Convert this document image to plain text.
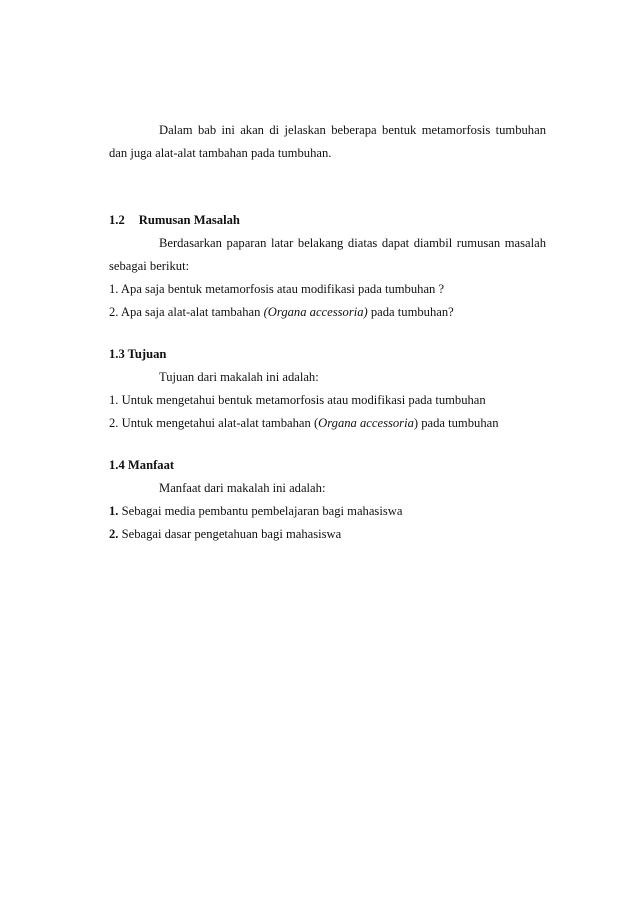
Dalam bab ini akan di jelaskan beberapa bentuk metamorfosis tumbuhan
dan juga alat-alat tambahan pada tumbuhan.
1.2 Rumusan Masalah
Berdasarkan paparan latar belakang diatas dapat diambil rumusan masalah
sebagai berikut:
1. Apa saja bentuk metamorfosis atau modifikasi pada tumbuhan ?
2. Apa saja alat-alat tambahan (Organa accessoria) pada tumbuhan?
1.3 Tujuan
Tujuan dari makalah ini adalah:
1. Untuk mengetahui bentuk metamorfosis atau modifikasi pada tumbuhan
2. Untuk mengetahui alat-alat tambahan (Organa accessoria) pada tumbuhan
1.4 Manfaat
Manfaat dari makalah ini adalah:
1. Sebagai media pembantu pembelajaran bagi mahasiswa
2. Sebagai dasar pengetahuan bagi mahasiswa
